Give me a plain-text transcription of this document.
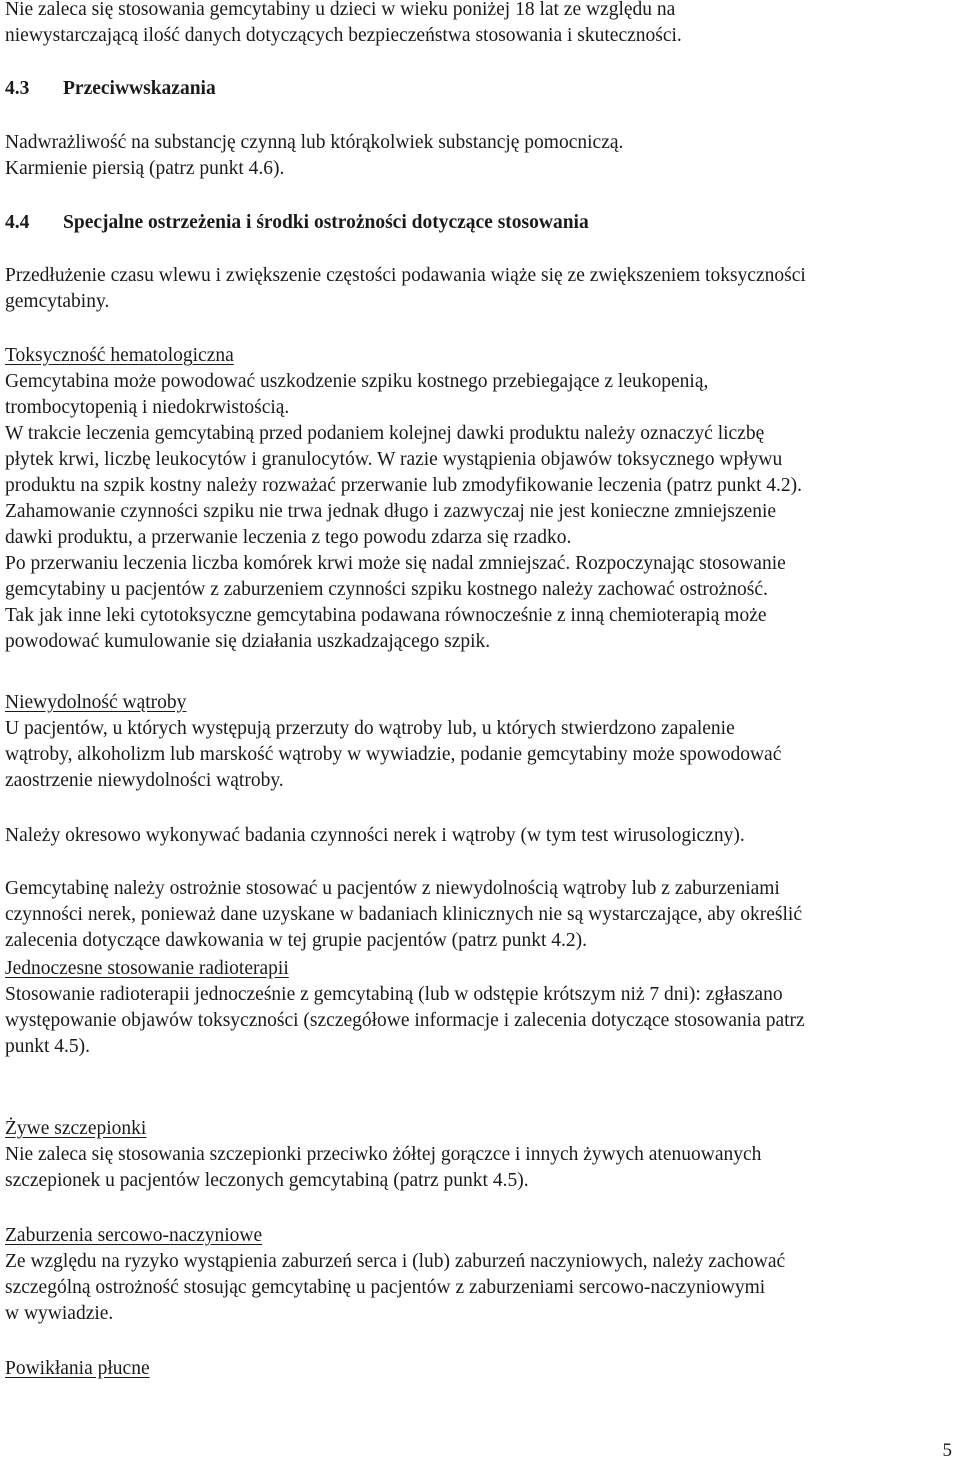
Nie zaleca się stosowania gemcytabiny u dzieci w wieku poniżej 18 lat ze względu na
niewystarczającą ilość danych dotyczących bezpieczeństwa stosowania i skuteczności.
4.3 Przeciwwskazania
Nadwrażliwość na substancję czynną lub którąkolwiek substancję pomocniczą.
Karmienie piersią (patrz punkt 4.6).
4.4 Specjalne ostrzeżenia i środki ostrożności dotyczące stosowania
Przedłużenie czasu wlewu i zwiększenie częstości podawania wiąże się ze zwiększeniem toksyczności
gemcytabiny.
Toksyczność hematologiczna
Gemcytabina może powodować uszkodzenie szpiku kostnego przebiegające z leukopenią,
trombocytopenią i niedokrwistością.
W trakcie leczenia gemcytabiną przed podaniem kolejnej dawki produktu należy oznaczyć liczbę
płytek krwi, liczbę leukocytów i granulocytów. W razie wystąpienia objawów toksycznego wpływu
produktu na szpik kostny należy rozważać przerwanie lub zmodyfikowanie leczenia (patrz punkt 4.2).
Zahamowanie czynności szpiku nie trwa jednak długo i zazwyczaj nie jest konieczne zmniejszenie
dawki produktu, a przerwanie leczenia z tego powodu zdarza się rzadko.
Po przerwaniu leczenia liczba komórek krwi może się nadal zmniejszać. Rozpoczynając stosowanie
gemcytabiny u pacjentów z zaburzeniem czynności szpiku kostnego należy zachować ostrożność.
Tak jak inne leki cytotoksyczne gemcytabina podawana równocześnie z inną chemioterapią może
powodować kumulowanie się działania uszkadzającego szpik.
Niewydolność wątroby
U pacjentów, u których występują przerzuty do wątroby lub, u których stwierdzono zapalenie
wątroby, alkoholizm lub marskość wątroby w wywiadzie, podanie gemcytabiny może spowodować
zaostrzenie niewydolności wątroby.
Należy okresowo wykonywać badania czynności nerek i wątroby (w tym test wirusologiczny).
Gemcytabinę należy ostrożnie stosować u pacjentów z niewydolnością wątroby lub z zaburzeniami
czynności nerek, ponieważ dane uzyskane w badaniach klinicznych nie są wystarczające, aby określić
zalecenia dotyczące dawkowania w tej grupie pacjentów (patrz punkt 4.2).
Jednoczesne stosowanie radioterapii
Stosowanie radioterapii jednocześnie z gemcytabiną (lub w odstępie krótszym niż 7 dni): zgłaszano
występowanie objawów toksyczności (szczegółowe informacje i zalecenia dotyczące stosowania patrz
punkt 4.5).
Żywe szczepionki
Nie zaleca się stosowania szczepionki przeciwko żółtej gorączce i innych żywych atenuowanych
szczepionek u pacjentów leczonych gemcytabiną (patrz punkt 4.5).
Zaburzenia sercowo-naczyniowe
Ze względu na ryzyko wystąpienia zaburzeń serca i (lub) zaburzeń naczyniowych, należy zachować
szczególną ostrożność stosując gemcytabinę u pacjentów z zaburzeniami sercowo-naczyniowymi
w wywiadzie.
Powikłania płucne
5
